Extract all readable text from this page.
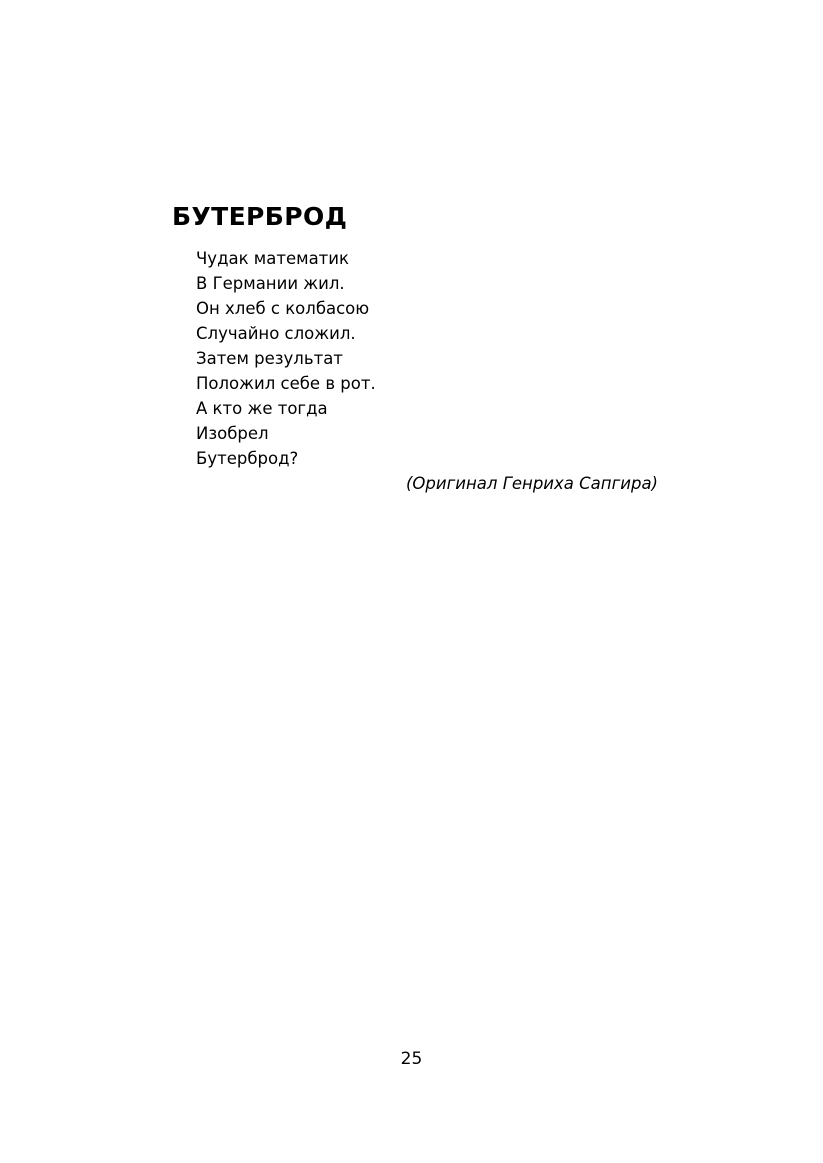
БУТЕРБРОД
Чудак математик
В Германии жил.
Он хлеб с колбасою
Случайно сложил.
Затем результат
Положил себе в рот.
А кто же тогда
Изобрел
Бутерброд?
(Оригинал Генриха Сапгира)
25
